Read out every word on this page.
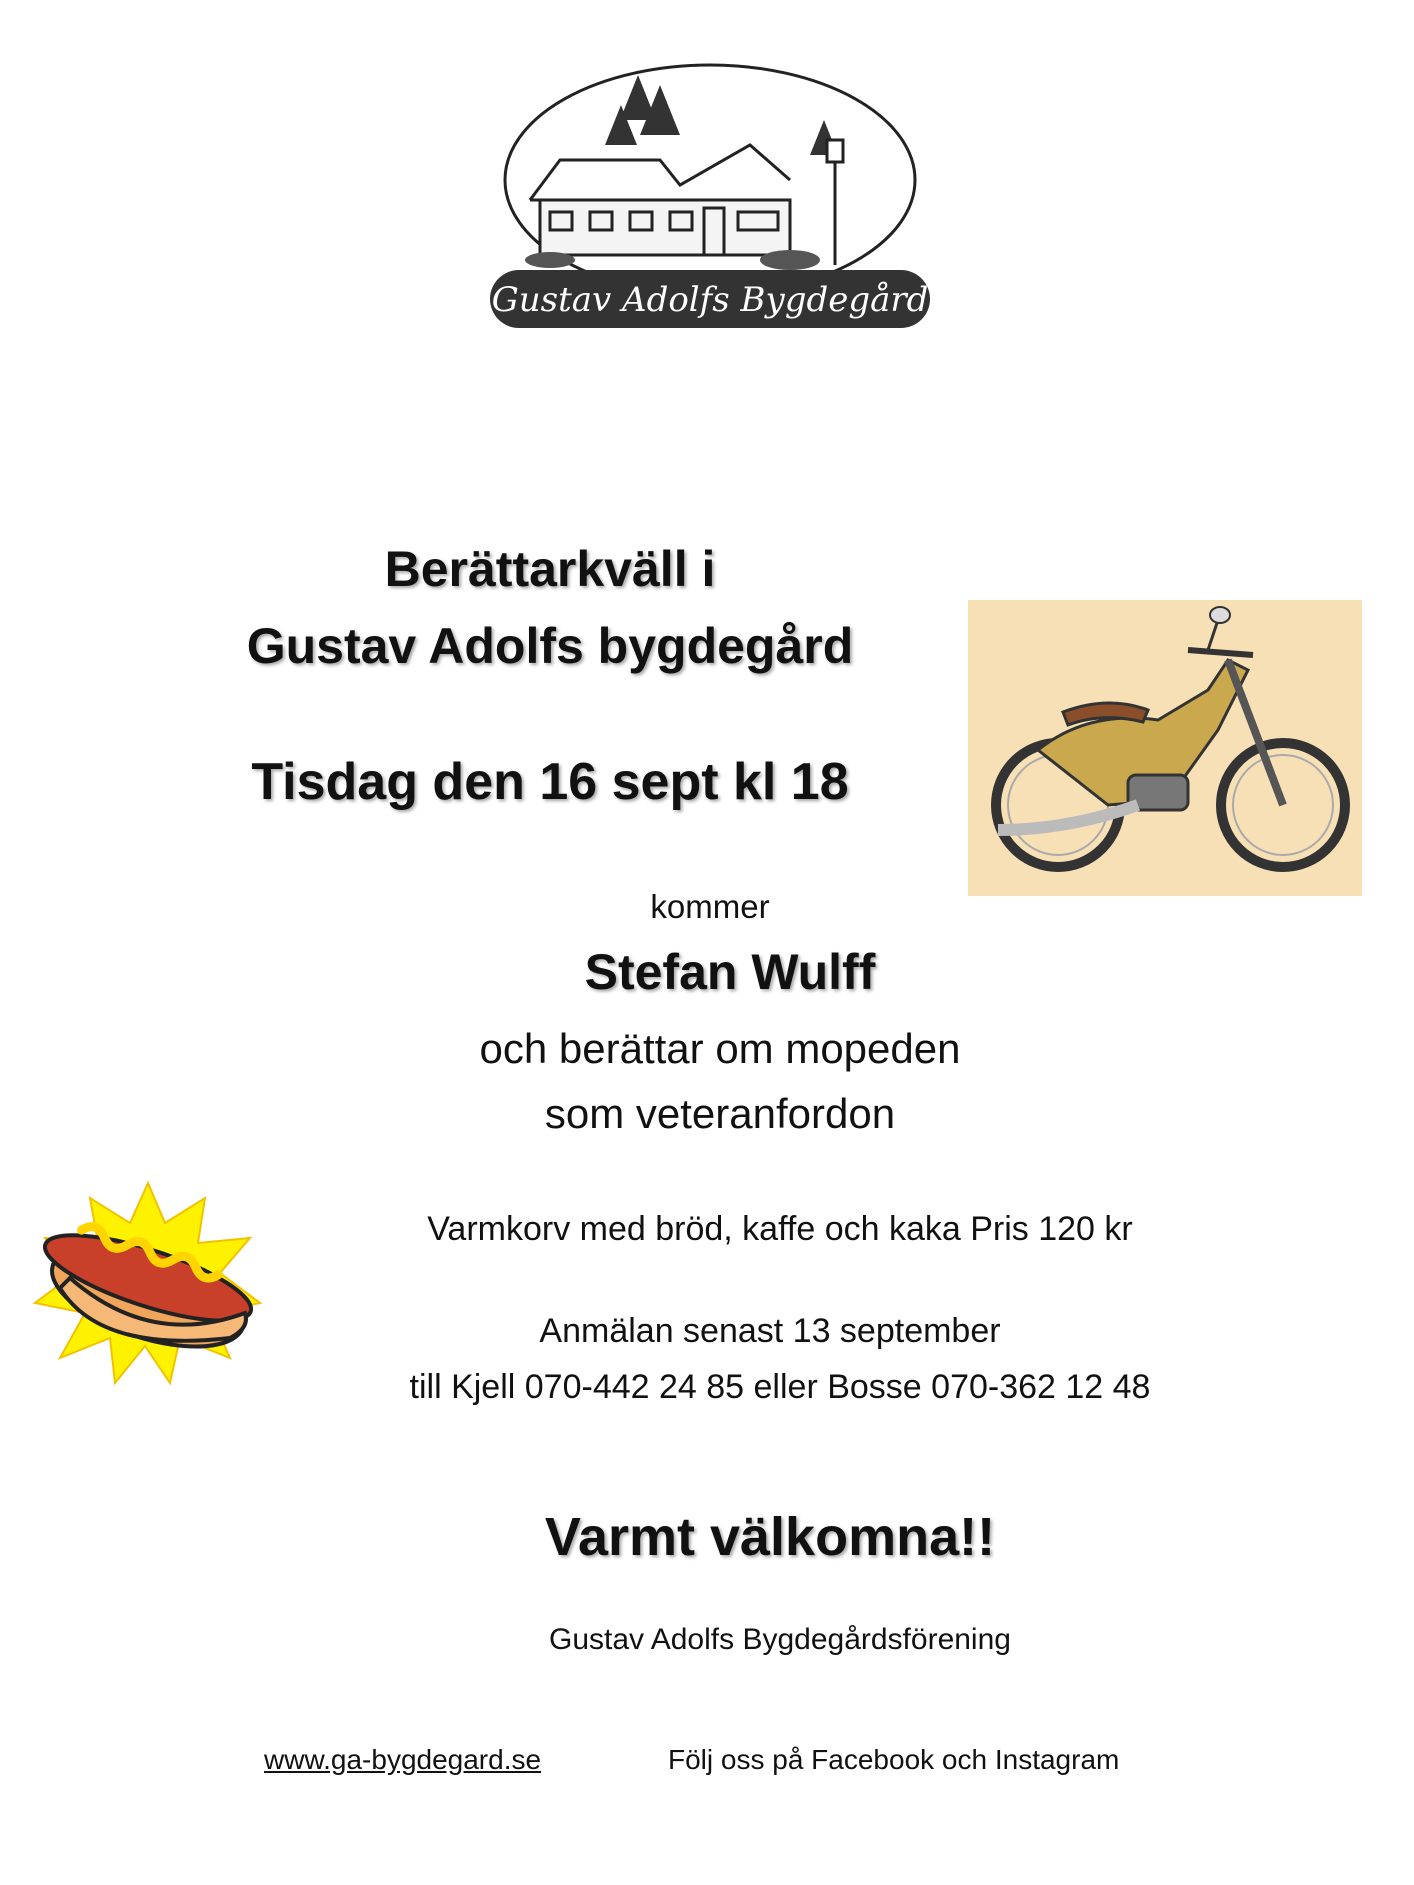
Gustav Adolfs Bygdegård
Berättarkväll i
Gustav Adolfs bygdegård
Tisdag den 16 sept kl 18
kommer
Stefan Wulff
och berättar om mopeden
som veteranfordon
Varmkorv med bröd, kaffe och kaka Pris 120 kr
Anmälan senast 13 september
till Kjell 070-442 24 85 eller Bosse 070-362 12 48
Varmt välkomna!!
Gustav Adolfs Bygdegårdsförening
www.ga-bygdegard.se	Följ oss på Facebook och Instagram
